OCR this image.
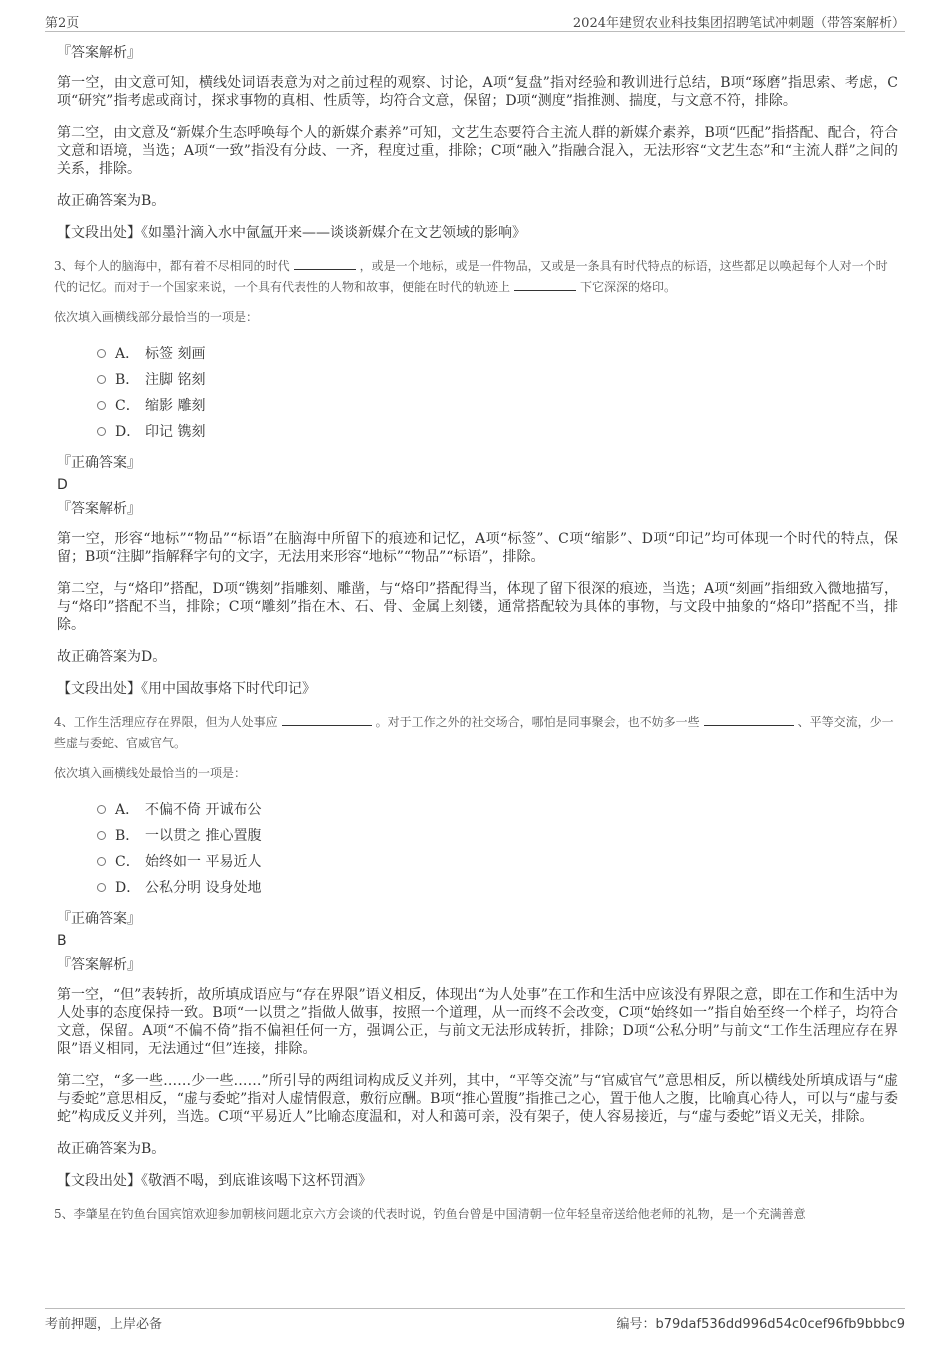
第2页	2024年建贸农业科技集团招聘笔试冲刺题（带答案解析）
『答案解析』

第一空，由文意可知，横线处词语表意为对之前过程的观察、讨论，A项“复盘”指对经验和教训进行总结，B项“琢磨”指思索、考虑，C项“研究”指考虑或商讨，探求事物的真相、性质等，均符合文意，保留；D项“测度”指推测、揣度，与文意不符，排除。

第二空，由文意及“新媒介生态呼唤每个人的新媒介素养”可知，文艺生态要符合主流人群的新媒介素养，B项“匹配”指搭配、配合，符合文意和语境，当选；A项“一致”指没有分歧、一齐，程度过重，排除；C项“融入”指融合混入，无法形容“文艺生态”和“主流人群”之间的关系，排除。

故正确答案为B。

【文段出处】《如墨汁滴入水中氤氲开来——谈谈新媒介在文艺领域的影响》

3、每个人的脑海中，都有着不尽相同的时代	，或是一个地标，或是一件物品，又或是一条具有时代特点的标语，这些都足以唤起每个人对一个时代的记忆。而对于一个国家来说，一个具有代表性的人物和故事，便能在时代的轨迹上	下它深深的烙印。
依次填入画横线部分最恰当的一项是：
A． 标签 刻画
B． 注脚 铭刻
C． 缩影 雕刻
D． 印记 镌刻
『正确答案』
D
『答案解析』

第一空，形容“地标”“物品”“标语”在脑海中所留下的痕迹和记忆，A项“标签”、C项“缩影”、D项“印记”均可体现一个时代的特点，保留；B项“注脚”指解释字句的文字，无法用来形容“地标”“物品”“标语”，排除。

第二空，与“烙印”搭配，D项“镌刻”指雕刻、雕凿，与“烙印”搭配得当，体现了留下很深的痕迹，当选；A项“刻画”指细致入微地描写，与“烙印”搭配不当，排除；C项“雕刻”指在木、石、骨、金属上刻镂，通常搭配较为具体的事物，与文段中抽象的“烙印”搭配不当，排除。

故正确答案为D。

【文段出处】《用中国故事烙下时代印记》

4、工作生活理应存在界限，但为人处事应	。对于工作之外的社交场合，哪怕是同事聚会，也不妨多一些	、平等交流，少一些虚与委蛇、官威官气。
依次填入画横线处最恰当的一项是：
A． 不偏不倚 开诚布公
B． 一以贯之 推心置腹
C． 始终如一 平易近人
D． 公私分明 设身处地
『正确答案』
B
『答案解析』

第一空，“但”表转折，故所填成语应与“存在界限”语义相反，体现出“为人处事”在工作和生活中应该没有界限之意，即在工作和生活中为人处事的态度保持一致。B项“一以贯之”指做人做事，按照一个道理，从一而终不会改变，C项“始终如一”指自始至终一个样子，均符合文意，保留。A项“不偏不倚”指不偏袒任何一方，强调公正，与前文无法形成转折，排除；D项“公私分明”与前文“工作生活理应存在界限”语义相同，无法通过“但”连接，排除。

第二空，“多一些……少一些……”所引导的两组词构成反义并列，其中，“平等交流”与“官威官气”意思相反，所以横线处所填成语与“虚与委蛇”意思相反，“虚与委蛇”指对人虚情假意，敷衍应酬。B项“推心置腹”指推己之心，置于他人之腹，比喻真心待人，可以与“虚与委蛇”构成反义并列，当选。C项“平易近人”比喻态度温和，对人和蔼可亲，没有架子，使人容易接近，与“虚与委蛇”语义无关，排除。

故正确答案为B。

【文段出处】《敬酒不喝，到底谁该喝下这杯罚酒》

5、李肇星在钓鱼台国宾馆欢迎参加朝核问题北京六方会谈的代表时说，钓鱼台曾是中国清朝一位年轻皇帝送给他老师的礼物，是一个充满善意
考前押题，上岸必备	编号：b79daf536dd996d54c0cef96fb9bbbc9
